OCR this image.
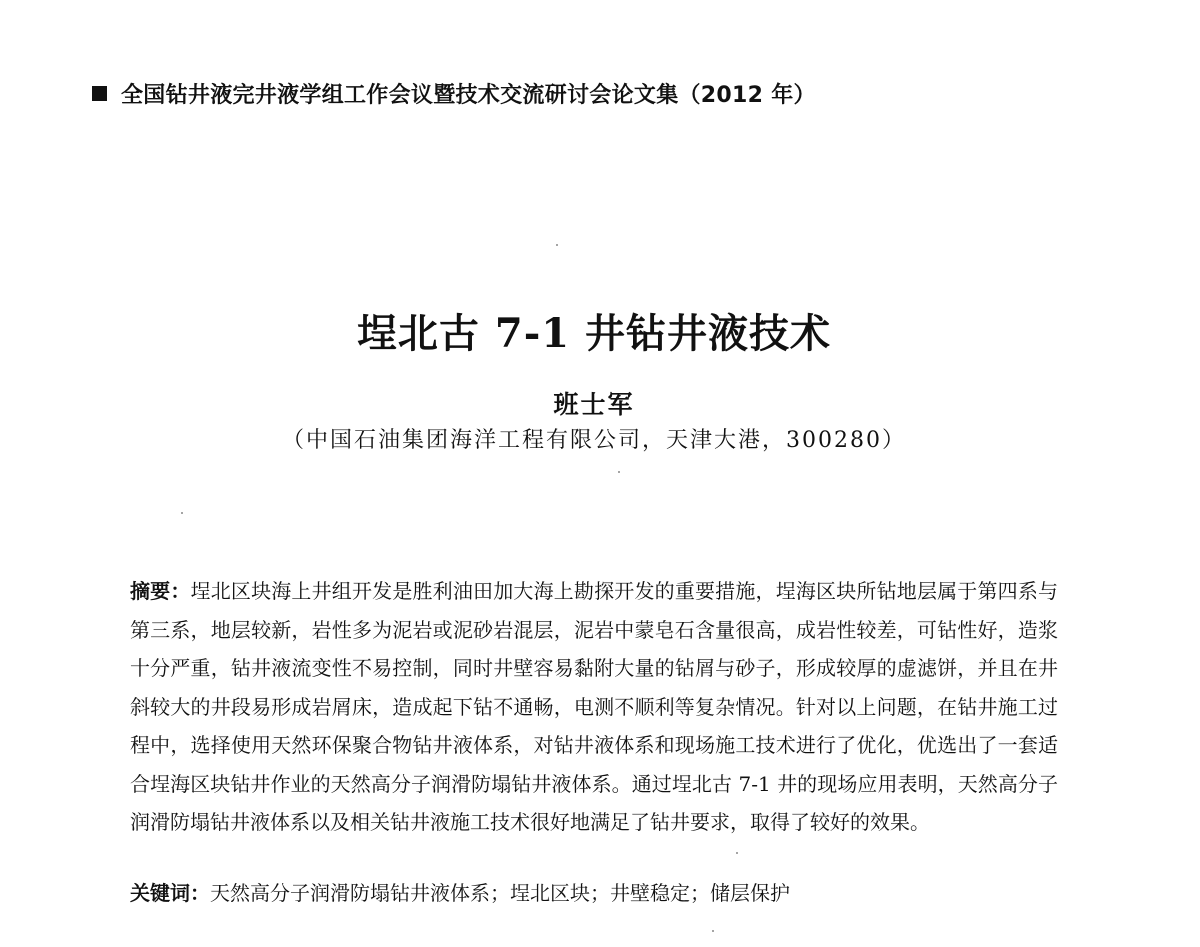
全国钻井液完井液学组工作会议暨技术交流研讨会论文集（2012 年）
埕北古 7-1 井钻井液技术
班士军
（中国石油集团海洋工程有限公司，天津大港，300280）
摘要：埕北区块海上井组开发是胜利油田加大海上勘探开发的重要措施，埕海区块所钻地层属于第四系与第三系，地层较新，岩性多为泥岩或泥砂岩混层，泥岩中蒙皂石含量很高，成岩性较差，可钻性好，造浆十分严重，钻井液流变性不易控制，同时井壁容易黏附大量的钻屑与砂子，形成较厚的虚滤饼，并且在井斜较大的井段易形成岩屑床，造成起下钻不通畅，电测不顺利等复杂情况。针对以上问题，在钻井施工过程中，选择使用天然环保聚合物钻井液体系，对钻井液体系和现场施工技术进行了优化，优选出了一套适合埕海区块钻井作业的天然高分子润滑防塌钻井液体系。通过埕北古 7-1 井的现场应用表明，天然高分子润滑防塌钻井液体系以及相关钻井液施工技术很好地满足了钻井要求，取得了较好的效果。
关键词：天然高分子润滑防塌钻井液体系；埕北区块；井壁稳定；储层保护
